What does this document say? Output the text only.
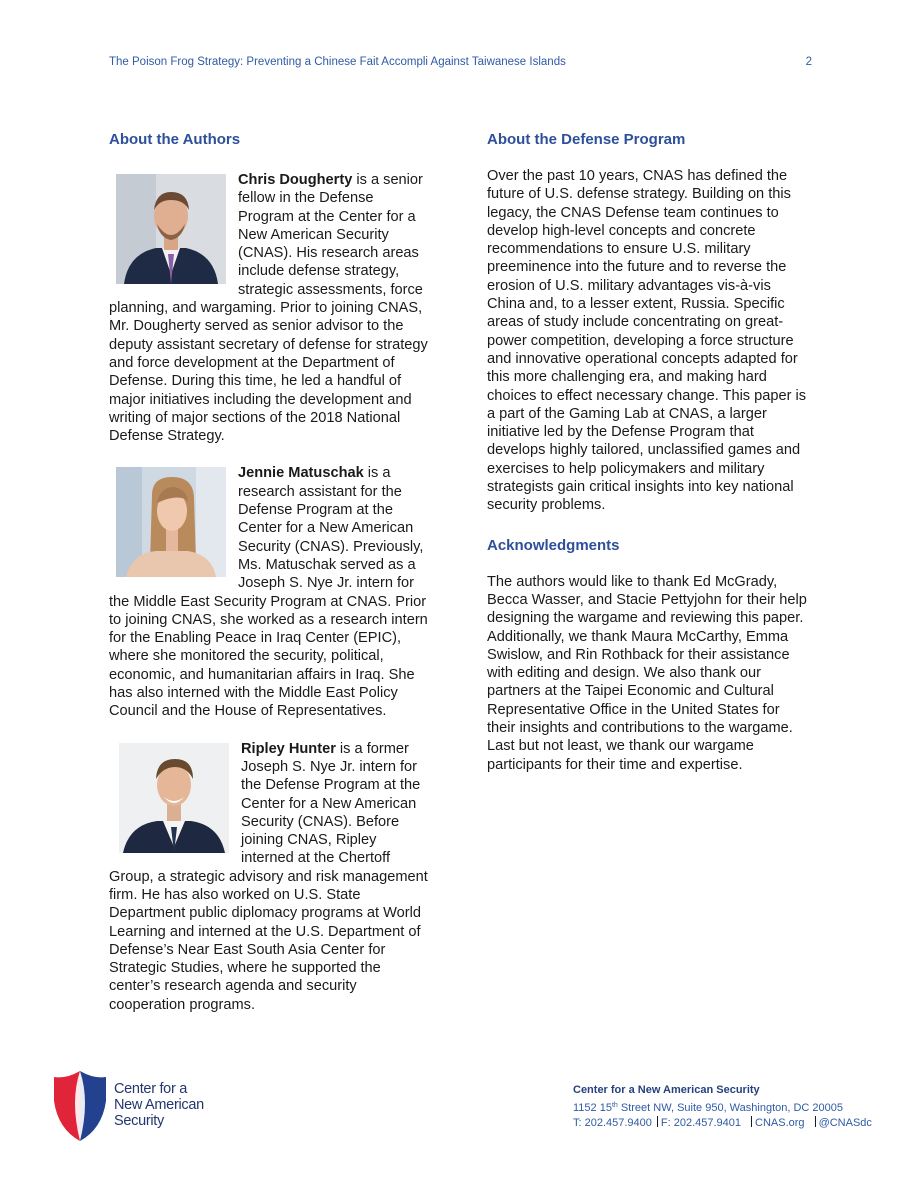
The Poison Frog Strategy: Preventing a Chinese Fait Accompli Against Taiwanese Islands	2
About the Authors

Chris Dougherty is a senior fellow in the Defense Program at the Center for a New American Security (CNAS). His research areas include defense strategy, strategic assessments, force planning, and wargaming. Prior to joining CNAS, Mr. Dougherty served as senior advisor to the deputy assistant secretary of defense for strategy and force development at the Department of Defense. During this time, he led a handful of major initiatives including the development and writing of major sections of the 2018 National Defense Strategy.

Jennie Matuschak is a research assistant for the Defense Program at the Center for a New American Security (CNAS). Previously, Ms. Matuschak served as a Joseph S. Nye Jr. intern for the Middle East Security Program at CNAS. Prior to joining CNAS, she worked as a research intern for the Enabling Peace in Iraq Center (EPIC), where she monitored the security, political, economic, and humanitarian affairs in Iraq. She has also interned with the Middle East Policy Council and the House of Representatives.

Ripley Hunter is a former Joseph S. Nye Jr. intern for the Defense Program at the Center for a New American Security (CNAS). Before joining CNAS, Ripley interned at the Chertoff Group, a strategic advisory and risk management firm. He has also worked on U.S. State Department public diplomacy programs at World Learning and interned at the U.S. Department of Defense’s Near East South Asia Center for Strategic Studies, where he supported the center’s research agenda and security cooperation programs.

About the Defense Program

Over the past 10 years, CNAS has defined the future of U.S. defense strategy. Building on this legacy, the CNAS Defense team continues to develop high-level concepts and concrete recommendations to ensure U.S. military preeminence into the future and to reverse the erosion of U.S. military advantages vis-à-vis China and, to a lesser extent, Russia. Specific areas of study include concentrating on great-power competition, developing a force structure and innovative operational concepts adapted for this more challenging era, and making hard choices to effect necessary change. This paper is a part of the Gaming Lab at CNAS, a larger initiative led by the Defense Program that develops highly tailored, unclassified games and exercises to help policymakers and military strategists gain critical insights into key national security problems.

Acknowledgments

The authors would like to thank Ed McGrady, Becca Wasser, and Stacie Pettyjohn for their help designing the wargame and reviewing this paper. Additionally, we thank Maura McCarthy, Emma Swislow, and Rin Rothback for their assistance with editing and design. We also thank our partners at the Taipei Economic and Cultural Representative Office in the United States for their insights and contributions to the wargame. Last but not least, we thank our wargame participants for their time and expertise.

Center for a
New American
Security
Center for a New American Security
1152 15th Street NW, Suite 950, Washington, DC 20005
T: 202.457.9400 F: 202.457.9401 CNAS.org @CNASdc
